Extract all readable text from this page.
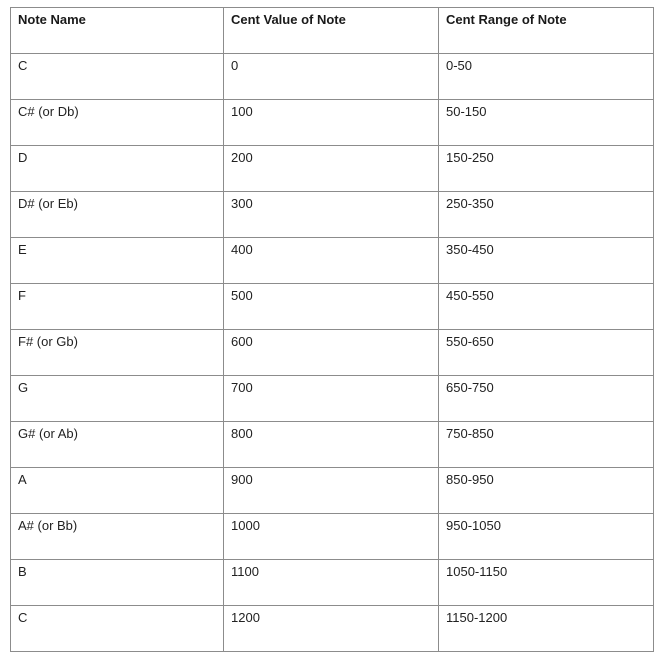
Note Name	Cent Value of Note	Cent Range of Note
C	0	0-50
C# (or Db)	100	50-150
D	200	150-250
D# (or Eb)	300	250-350
E	400	350-450
F	500	450-550
F# (or Gb)	600	550-650
G	700	650-750
G# (or Ab)	800	750-850
A	900	850-950
A# (or Bb)	1000	950-1050
B	1100	1050-1150
C	1200	1150-1200
